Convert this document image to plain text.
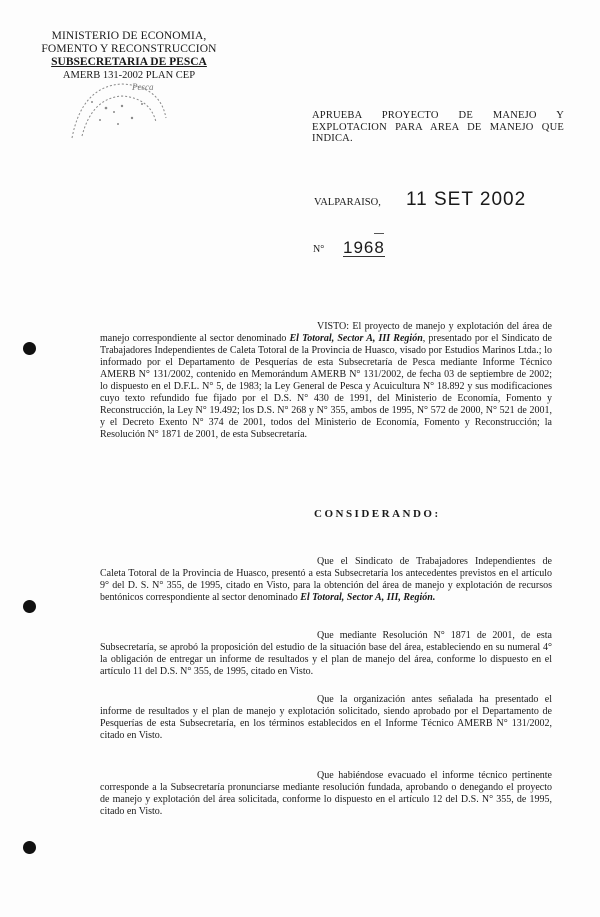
MINISTERIO DE ECONOMIA,
FOMENTO Y RECONSTRUCCION
SUBSECRETARIA DE PESCA
AMERB 131-2002 PLAN CEP
Pesca
APRUEBA PROYECTO DE MANEJO Y EXPLOTACION PARA AREA DE MANEJO QUE INDICA.
VALPARAISO, 11 SET 2002
N° 1968
VISTO: El proyecto de manejo y explotación del área de manejo correspondiente al sector denominado El Totoral, Sector A, III Región, presentado por el Sindicato de Trabajadores Independientes de Caleta Totoral de la Provincia de Huasco, visado por Estudios Marinos Ltda.; lo informado por el Departamento de Pesquerías de esta Subsecretaría de Pesca mediante Informe Técnico AMERB N° 131/2002, contenido en Memorándum AMERB N° 131/2002, de fecha 03 de septiembre de 2002; lo dispuesto en el D.F.L. N° 5, de 1983; la Ley General de Pesca y Acuicultura N° 18.892 y sus modificaciones cuyo texto refundido fue fijado por el D.S. N° 430 de 1991, del Ministerio de Economía, Fomento y Reconstrucción, la Ley N° 19.492; los D.S. N° 268 y N° 355, ambos de 1995, N° 572 de 2000, N° 521 de 2001, y el Decreto Exento N° 374 de 2001, todos del Ministerio de Economía, Fomento y Reconstrucción; la Resolución N° 1871 de 2001, de esta Subsecretaría.
CONSIDERANDO:
Que el Sindicato de Trabajadores Independientes de Caleta Totoral de la Provincia de Huasco, presentó a esta Subsecretaría los antecedentes previstos en el artículo 9° del D. S. N° 355, de 1995, citado en Visto, para la obtención del área de manejo y explotación de recursos bentónicos correspondiente al sector denominado El Totoral, Sector A, III, Región.
Que mediante Resolución N° 1871 de 2001, de esta Subsecretaría, se aprobó la proposición del estudio de la situación base del área, estableciendo en su numeral 4° la obligación de entregar un informe de resultados y el plan de manejo del área, conforme lo dispuesto en el artículo 11 del D.S. N° 355, de 1995, citado en Visto.
Que la organización antes señalada ha presentado el informe de resultados y el plan de manejo y explotación solicitado, siendo aprobado por el Departamento de Pesquerías de esta Subsecretaría, en los términos establecidos en el Informe Técnico AMERB N° 131/2002, citado en Visto.
Que habiéndose evacuado el informe técnico pertinente corresponde a la Subsecretaría pronunciarse mediante resolución fundada, aprobando o denegando el proyecto de manejo y explotación del área solicitada, conforme lo dispuesto en el artículo 12 del D.S. N° 355, de 1995, citado en Visto.
